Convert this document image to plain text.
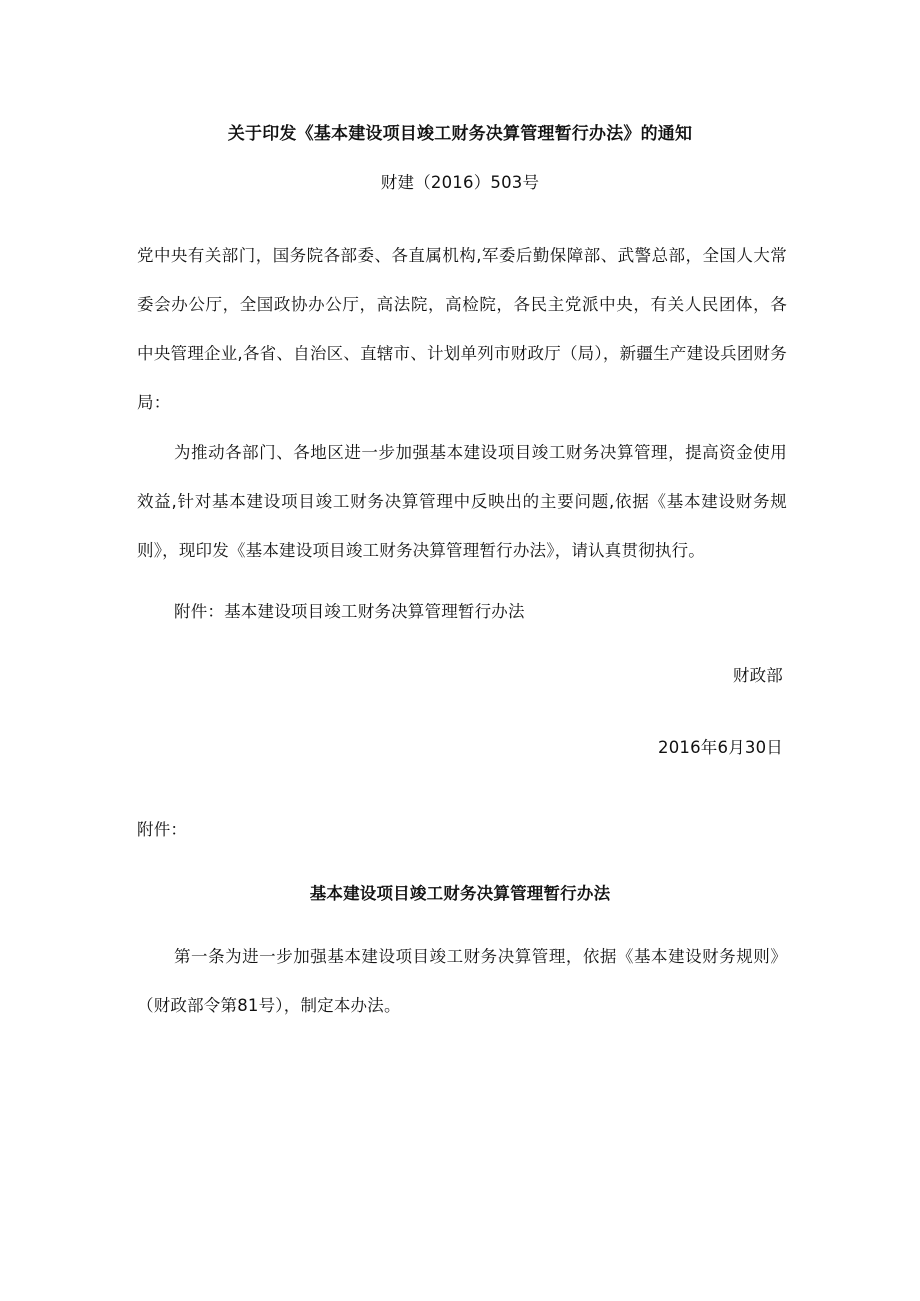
关于印发《基本建设项目竣工财务决算管理暂行办法》的通知
财建（2016）503号
党中央有关部门，国务院各部委、各直属机构,军委后勤保障部、武警总部，全国人大常委会办公厅，全国政协办公厅，高法院，高检院，各民主党派中央，有关人民团体，各中央管理企业,各省、自治区、直辖市、计划单列市财政厅（局），新疆生产建设兵团财务局：
为推动各部门、各地区进一步加强基本建设项目竣工财务决算管理，提高资金使用效益,针对基本建设项目竣工财务决算管理中反映出的主要问题,依据《基本建设财务规则》，现印发《基本建设项目竣工财务决算管理暂行办法》，请认真贯彻执行。
附件：基本建设项目竣工财务决算管理暂行办法
财政部
2016年6月30日
附件：
基本建设项目竣工财务决算管理暂行办法
第一条为进一步加强基本建设项目竣工财务决算管理，依据《基本建设财务规则》（财政部令第81号），制定本办法。
